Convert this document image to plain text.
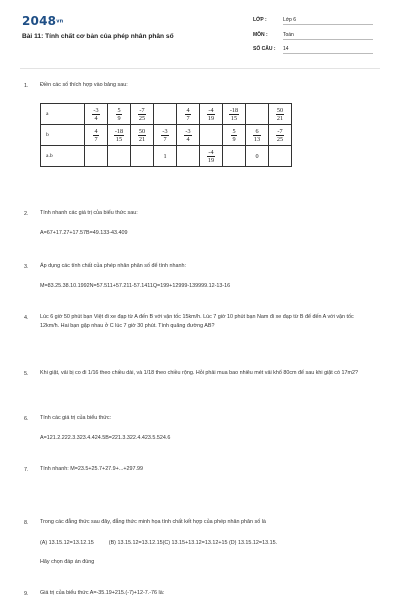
2048vn
Bài 11: Tính chất cơ bản của phép nhân phân số
LỚP :	Lớp 6
MÔN :	Toán
SỐ CÂU : 14
1. Điền các số thích hợp vào bảng sau:
a	$\frac{-3}{4}$	$\frac{5}{9}$	$\frac{-7}{25}$		$\frac{4}{7}$	$\frac{-4}{19}$	$\frac{-18}{15}$		$\frac{50}{21}$

b	$\frac{4}{7}$	$\frac{-18}{15}$	$\frac{50}{21}$	$\frac{-3}{7}$	$\frac{-3}{4}$		$\frac{5}{9}$	$\frac{6}{13}$	$\frac{-7}{25}$

a.b				1		$\frac{-4}{19}$		0	
2. Tính nhanh các giá trị của biểu thức sau:
A=67+17.27+17.57B=49.133-43.409
3. Áp dụng các tính chất của phép nhân phân số để tính nhanh:
M=83.25.38.10.1992N=57.511+57.211-57.1411Q=199+12999-139999.12-13-16
4. Lúc 6 giờ 50 phút bạn Việt đi xe đạp từ A đến B với vận tốc 15km/h. Lúc 7 giờ 10 phút bạn Nam đi xe đạp từ B để đến A với vận tốc 12km/h. Hai bạn gặp nhau ở C lúc 7 giờ 30 phút. Tính quãng đường AB?
5. Khi giặt, vải bị co đi 1/16 theo chiều dài, và 1/18 theo chiều rộng. Hỏi phải mua bao nhiêu mét vải khổ 80cm để sau khi giặt có 17m2?
6. Tính các giá trị của biểu thức:
A=121.2.222.3.323.4.424.5B=221.3.322.4.423.5.524.6
7. Tính nhanh: M=23.5+25.7+27.9+...+297.99
8. Trong các đẳng thức sau đây, đẳng thức minh họa tính chất kết hợp của phép nhân phân số là
(A) 13.15.12=13.12.15          (B) 13.15.12=13.12.15(C) 13.15+13.12=13.12+15 (D) 13.15.12=13.15.
Hãy chọn đáp án đúng
9. Giá trị của biểu thức A=-35.19+215.(-7)+12-7.-76 là:
